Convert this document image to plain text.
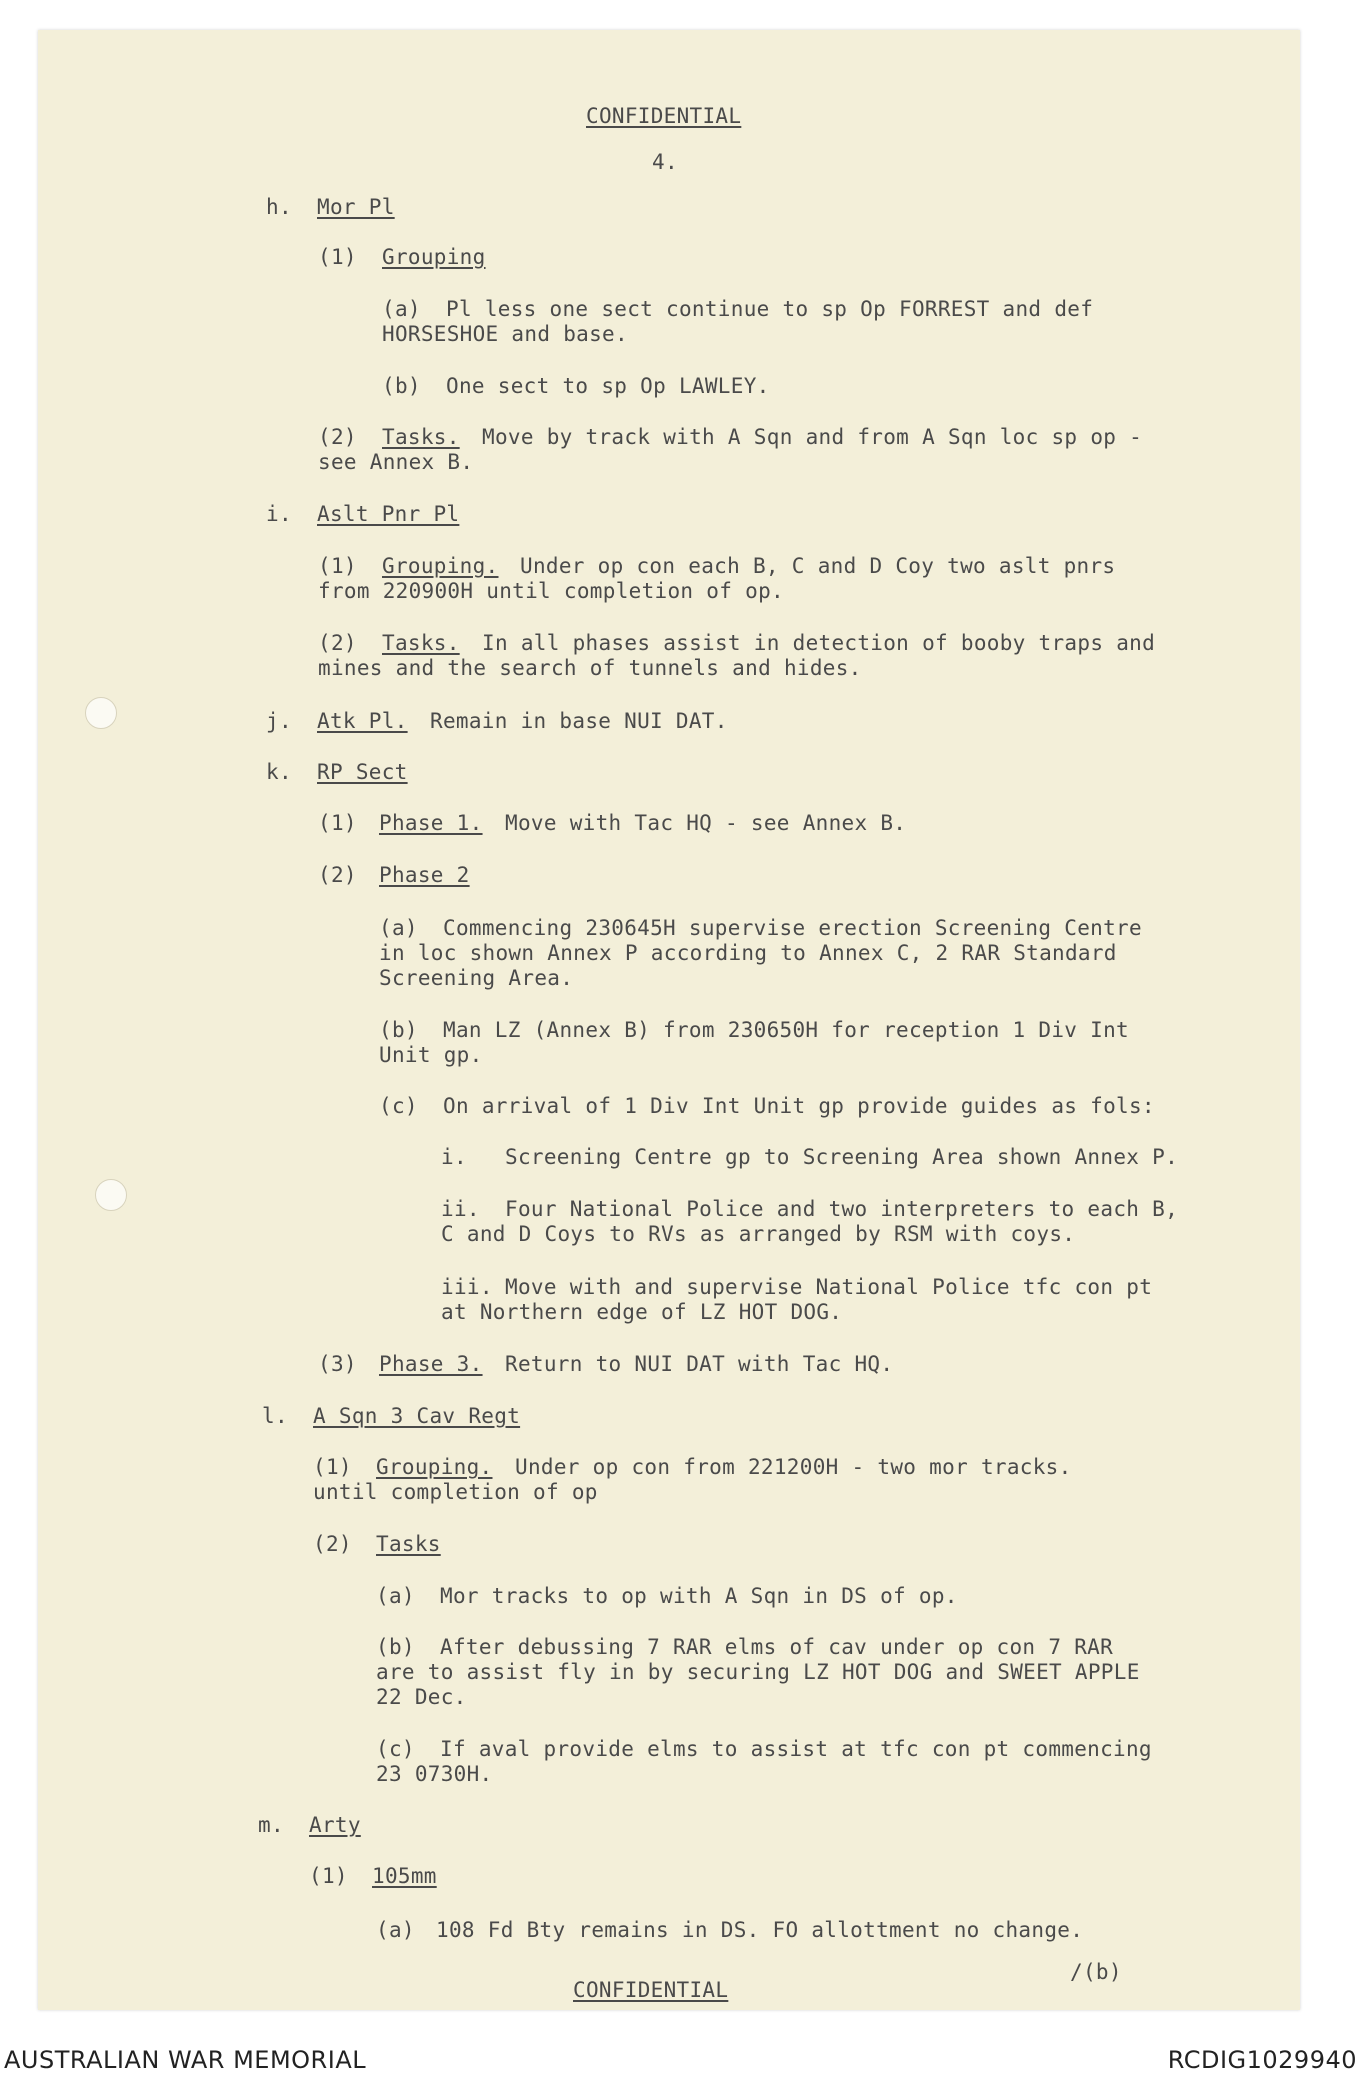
CONFIDENTIAL
4.
h. Mor Pl
(1) Grouping
(a) Pl less one sect continue to sp Op FORREST and def
HORSESHOE and base.
(b) One sect to sp Op LAWLEY.
(2) Tasks. Move by track with A Sqn and from A Sqn loc sp op -
see Annex B.
i. Aslt Pnr Pl
(1) Grouping. Under op con each B, C and D Coy two aslt pnrs
from 220900H until completion of op.
(2) Tasks. In all phases assist in detection of booby traps and
mines and the search of tunnels and hides.
j. Atk Pl. Remain in base NUI DAT.
k. RP Sect
(1) Phase 1. Move with Tac HQ - see Annex B.
(2) Phase 2
(a) Commencing 230645H supervise erection Screening Centre
in loc shown Annex P according to Annex C, 2 RAR Standard
Screening Area.
(b) Man LZ (Annex B) from 230650H for reception 1 Div Int
Unit gp.
(c) On arrival of 1 Div Int Unit gp provide guides as fols:
i. Screening Centre gp to Screening Area shown Annex P.
ii. Four National Police and two interpreters to each B,
C and D Coys to RVs as arranged by RSM with coys.
iii. Move with and supervise National Police tfc con pt
at Northern edge of LZ HOT DOG.
(3) Phase 3. Return to NUI DAT with Tac HQ.
l. A Sqn 3 Cav Regt
(1) Grouping. Under op con from 221200H - two mor tracks.
until completion of op
(2) Tasks
(a) Mor tracks to op with A Sqn in DS of op.
(b) After debussing 7 RAR elms of cav under op con 7 RAR
are to assist fly in by securing LZ HOT DOG and SWEET APPLE
22 Dec.
(c) If aval provide elms to assist at tfc con pt commencing
23 0730H.
m. Arty
(1) 105mm
(a) 108 Fd Bty remains in DS. FO allottment no change.
/(b)
CONFIDENTIAL
AUSTRALIAN WAR MEMORIAL	RCDIG1029940
